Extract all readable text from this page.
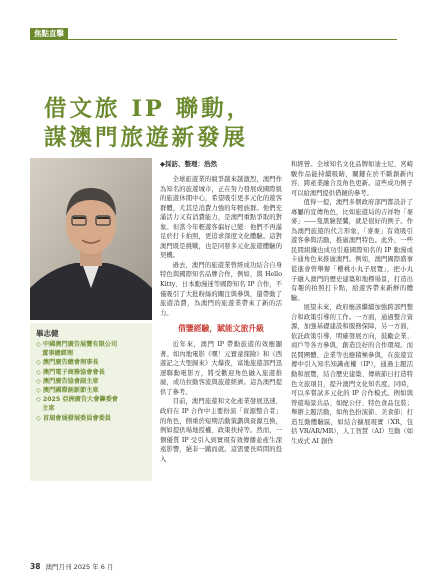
焦點直擊
借文旅 IP 聯動，
謀澳門旅遊新發展
畢志健
◇ 中國澳門廣告展覽有限公司
　董事總經理
◇ 澳門廣告總會理事長
◇ 澳門電子商務協會會長
◇ 澳門廣告協會副主席
◇ 澳門國際創新節主席
◇ 2025 亞洲廣告大會籌委會
　主席
◇ 首屆會展發展委員會委員
◆採訪、整理：浩然

全球旅遊業的競爭越來越激烈，澳門作為知名的旅遊城市，正在努力發展成國際級的旅遊休閒中心，希望吸引更多元化的遊客群體，尤其是消費力強的年輕族群。他們充滿活力又有消費能力，是澳門重點爭取的對象。但當今年輕遊客偏好已變：他們不再滿足於打卡拍照，更追求深度文化體驗。這對澳門既是挑戰，也是同發多元化旅遊體驗的契機。

過去，澳門的旅遊業曾經成功結合自身特色與國際知名品牌合作，例如，與 Hello Kitty、日本動漫迷等國際知名 IP 合作，不僅吸引了大批粉絲的關注與參與，還帶動了旅遊消費，為澳門的旅遊業帶來了新的活力。

借鑒經驗，賦能文旅升級

近年來，澳門 IP 帶動旅遊的效應顯著。如內地電影《嘿！元寶童探險》和《西遊記之大聖歸來》大爆夜，富地旅遊部門迅速聯動電影方，將受歡迎角色融入旅遊推廣，成功拉動客流與旅遊經濟。這為澳門提供了參考。

目前，澳門旅遊和文化產業發展迅速，政府在 IP 合作中主要扮演「資源整合者」的角色，側重於短期活動策劃與資源互換，例如提供場地授權、政策扶持等。然而，一個優質 IP 受引入到實現有效傳播並產生深遠影響，絕非一蹴而就。這需要長時間的投入

和經營。全球知名文化品牌如迪士尼、宮崎駿作品能持續吸睛，關鍵在於不斷創新內容、跨產業融合及角色更新。這些成功例子可以給澳門提供借鏡的參考。

值得一提，澳門多個政府部門都設計了專屬的宣傳角色，比如旅遊局的吉祥物「麥麥」——隻黑臉琵鷺，就是很好的例子。作為澳門旅遊的代言形象，「麥麥」有效吸引遊客參與活動，推廣澳門特色。此外，一些民間組織也成功引進國際知名的 IP 動漫或卡通角色來推廣澳門。例如，澳門國際盛事從進會曾舉辦「櫻桃小丸子展覽」，把小丸子融入澳門的歷史建築和地標場景，打造出有趣的拍照打卡點，給遊客帶來新鮮的體驗。

展望未來，政府應該繼續加強跨部門整合和政策引導的工作。一方面，通過整合資源，加強基礎建設和服務保障，另一方面，依託政策引導，明確發展方向，鼓勵企業、商戶等各方參與，創造良好的合作環境。而民間團體、企業等也應積極參與，在旅遊宣傳中引入知名知識產權（IP），通過主題活動和展覽，結合歷史建築、傳統節日打造特色文旅項目，提升澳門文化知名度。同時，可以多嘗試多元化的 IP 合作模式。例如與曾遊場景共品、如配公仔、特色食品包裝；舉辦主題活動，如角色扮演節、美食節；打造互動體驗區，如結合擴展現實（XR，包括 VR/AR/MR），人工智慧（AI）互動（如生成式 AI 創作

38 澳門月刊 2025 年 6 月
